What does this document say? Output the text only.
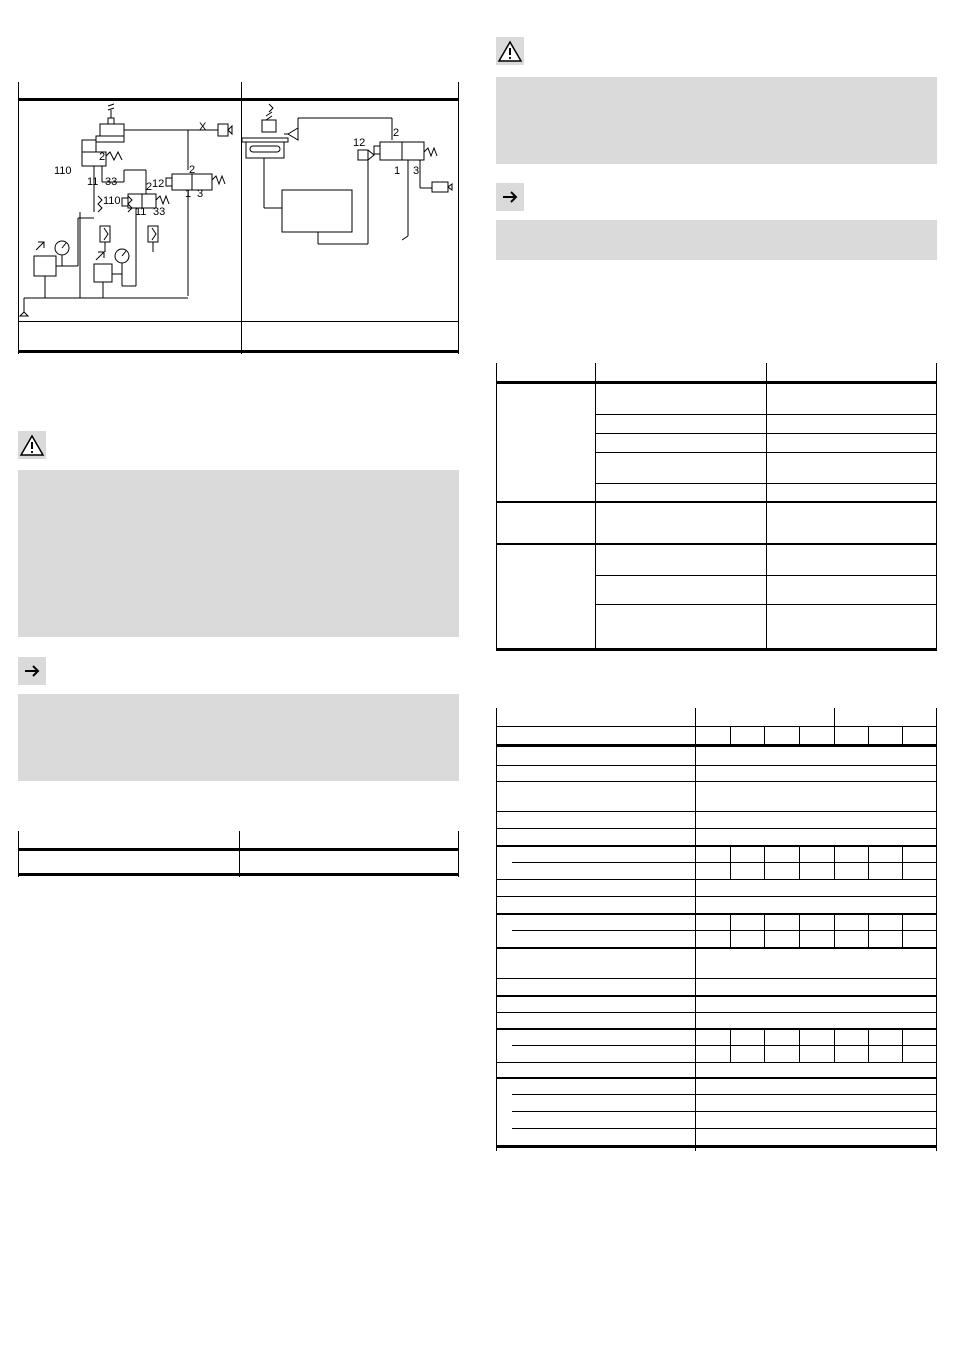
X
2
110
11 33	12
2
1 3
2
110
11 33
12
2
1 3
